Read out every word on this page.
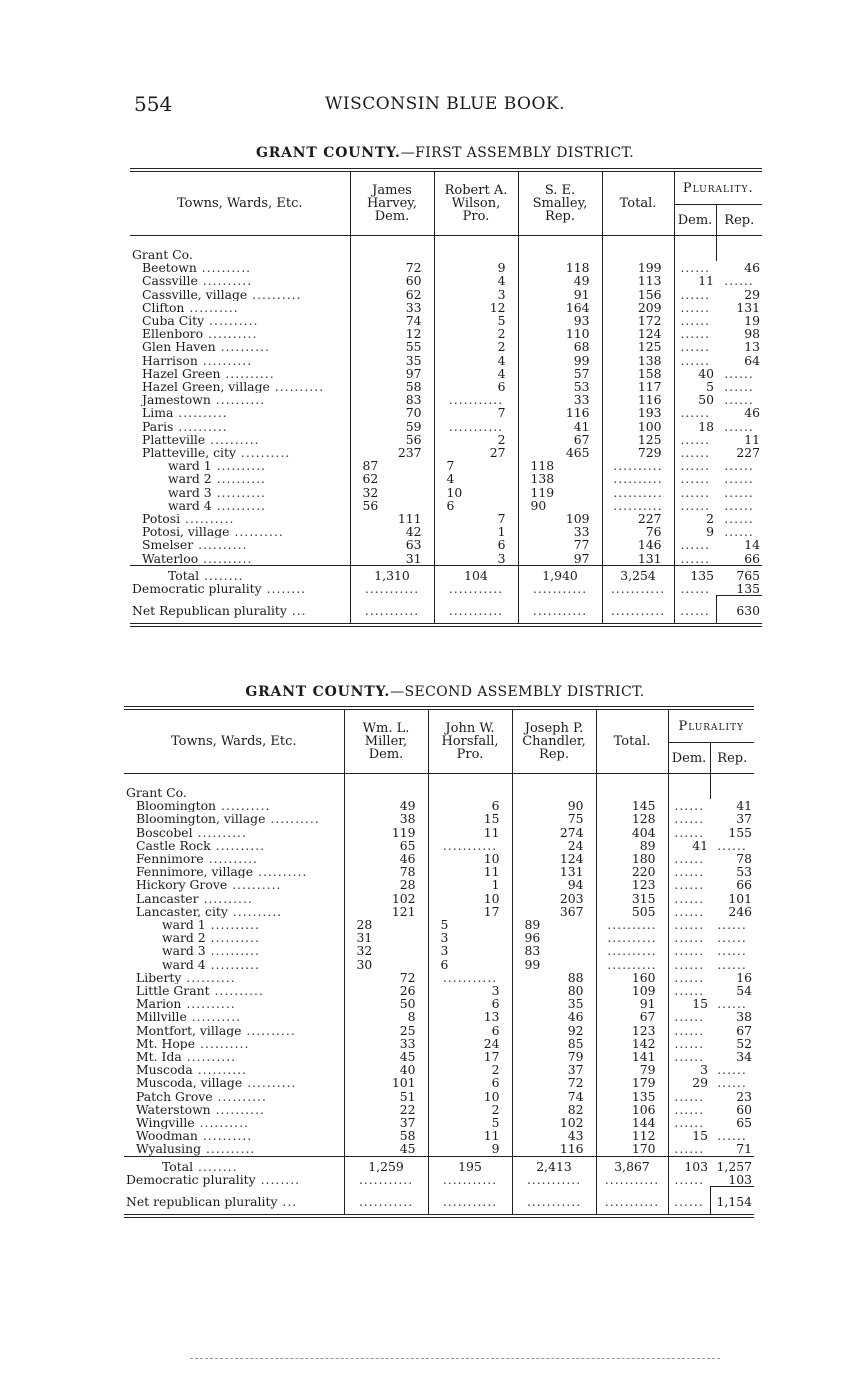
554	WISCONSIN BLUE BOOK.
GRANT COUNTY.—FIRST ASSEMBLY DISTRICT.
Towns, Wards, Etc.	James
Harvey,
Dem.	Robert A.
Wilson,
Pro.	S. E.
Smalley,
Rep.	Total.	Plurality.	
					Dem.	Rep.

Grant Co.						
Beetown ..........	72	9	118	199	......	46
Cassville ..........	60	4	49	113	11	......
Cassville, village ..........	62	3	91	156	......	29
Clifton ..........	33	12	164	209	......	131
Cuba City ..........	74	5	93	172	......	19
Ellenboro ..........	12	2	110	124	......	98
Glen Haven ..........	55	2	68	125	......	13
Harrison ..........	35	4	99	138	......	64
Hazel Green ..........	97	4	57	158	40	......
Hazel Green, village ..........	58	6	53	117	5	......
Jamestown ..........	83	...........	33	116	50	......
Lima ..........	70	7	116	193	......	46
Paris ..........	59	...........	41	100	18	......
Platteville ..........	56	2	67	125	......	11
Platteville, city ..........	237	27	465	729	......	227
ward 1 ..........	87	7	118	..........	......	......
ward 2 ..........	62	4	138	..........	......	......
ward 3 ..........	32	10	119	..........	......	......
ward 4 ..........	56	6	90	..........	......	......
Potosi ..........	111	7	109	227	2	......
Potosi, village ..........	42	1	33	76	9	......
Smelser ..........	63	6	77	146	......	14
Waterloo ..........	31	3	97	131	......	66
Total ........	1,310	104	1,940	3,254	135	765
Democratic plurality ........	...........	...........	...........	...........	......	135
Net Republican plurality ...	...........	...........	...........	...........	......	630
GRANT COUNTY.—SECOND ASSEMBLY DISTRICT.
Towns, Wards, Etc.	Wm. L.
Miller,
Dem.	John W.
Horsfall,
Pro.	Joseph P.
Chandler,
Rep.	Total.	Plurality	
					Dem.	Rep.

Grant Co.						
Bloomington ..........	49	6	90	145	......	41
Bloomington, village ..........	38	15	75	128	......	37
Boscobel ..........	119	11	274	404	......	155
Castle Rock ..........	65	...........	24	89	41	......
Fennimore ..........	46	10	124	180	......	78
Fennimore, village ..........	78	11	131	220	......	53
Hickory Grove ..........	28	1	94	123	......	66
Lancaster ..........	102	10	203	315	......	101
Lancaster, city ..........	121	17	367	505	......	246
ward 1 ..........	28	5	89	..........	......	......
ward 2 ..........	31	3	96	..........	......	......
ward 3 ..........	32	3	83	..........	......	......
ward 4 ..........	30	6	99	..........	......	......
Liberty ..........	72	...........	88	160	......	16
Little Grant ..........	26	3	80	109	......	54
Marion ..........	50	6	35	91	15	......
Millville ..........	8	13	46	67	......	38
Montfort, village ..........	25	6	92	123	......	67
Mt. Hope ..........	33	24	85	142	......	52
Mt. Ida ..........	45	17	79	141	......	34
Muscoda ..........	40	2	37	79	3	......
Muscoda, village ..........	101	6	72	179	29	......
Patch Grove ..........	51	10	74	135	......	23
Waterstown ..........	22	2	82	106	......	60
Wingville ..........	37	5	102	144	......	65
Woodman ..........	58	11	43	112	15	......
Wyalusing ..........	45	9	116	170	......	71
Total ........	1,259	195	2,413	3,867	103	1,257
Democratic plurality ........	...........	...........	...........	...........	......	103
Net republican plurality ...	...........	...........	...........	...........	......	1,154
